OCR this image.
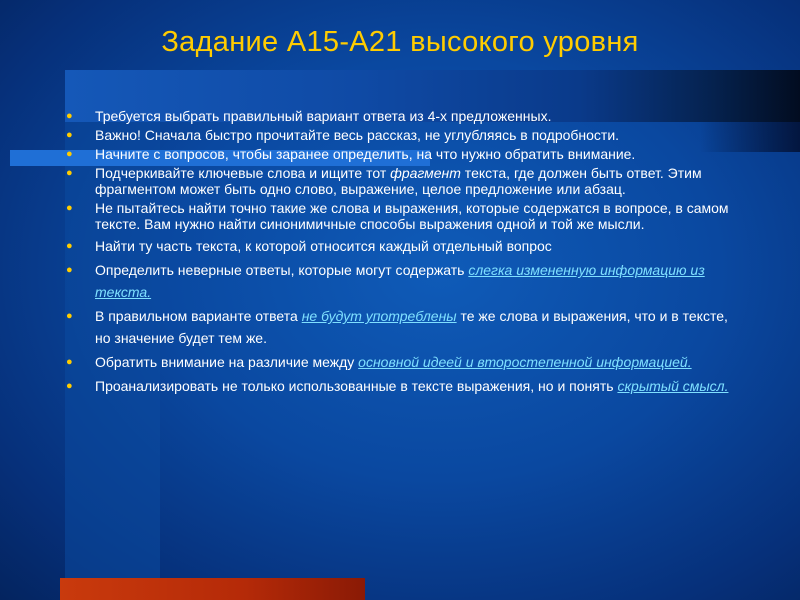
Задание А15-А21 высокого уровня
● Требуется выбрать правильный вариант ответа из 4-х предложенных.
● Важно! Сначала быстро прочитайте весь рассказ, не углубляясь в подробности.
● Начните с вопросов, чтобы заранее определить, на что нужно обратить внимание.
● Подчеркивайте ключевые слова и ищите тот фрагмент текста, где должен быть ответ. Этим фрагментом может быть одно слово, выражение, целое предложение или абзац.
● Не пытайтесь найти точно такие же слова и выражения, которые содержатся в вопросе, в самом тексте. Вам нужно найти синонимичные способы выражения одной и той же мысли.
● Найти ту часть текста, к которой относится каждый отдельный вопрос
● Определить неверные ответы, которые могут содержать слегка измененную информацию из текста.
● В правильном варианте ответа не будут употреблены те же слова и выражения, что и в тексте, но значение будет тем же.
● Обратить внимание на различие между основной идеей и второстепенной информацией.
● Проанализировать не только использованные в тексте выражения, но и понять скрытый смысл.
